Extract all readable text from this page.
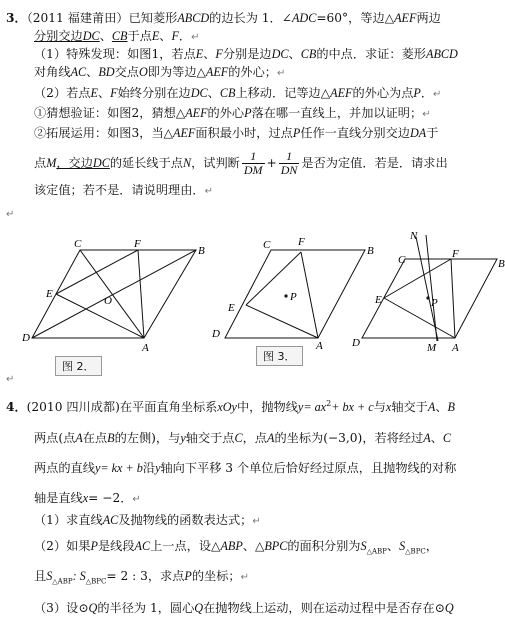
3．（2011 福建莆田）已知菱形ABCD的边长为 1．∠ADC=60°，等边△AEF两边
分别交边DC、CB于点E、F．↵
（1）特殊发现：如图1，若点E、F分别是边DC、CB的中点．求证：菱形ABCD
对角线AC、BD交点O即为等边△AEF的外心；↵
（2）若点E、F始终分别在边DC、CB上移动．记等边△AEF的外心为点P．↵
①猜想验证：如图2，猜想△AEF的外心P落在哪一直线上，并加以证明；↵
②拓展运用：如图3，当△AEF面积最小时，过点P任作一直线分别交边DA于
点M，交边DC的延长线于点N，试判断 $\frac{1}{DM} + \frac{1}{DN}$ 是否为定值．若是．请求出
该定值；若不是．请说明理由．↵
↵
C	F
B
E
O
D
A
C	F
B
E
P
D
A
N
C	F
B
E	P
D	M A
图 2．
图 3．
↵
4．(2010 四川成都)在平面直角坐标系xOy中，抛物线$y= ax^2+$ bx + c与x轴交于A、B
两点(点A在点B的左侧)，与y轴交于点C，点A的坐标为(−3,0)，若将经过A、C
两点的直线y= kx + b沿y轴向下平移 3 个单位后恰好经过原点，且抛物线的对称
轴是直线x= −2．↵
（1）求直线AC及抛物线的函数表达式；↵
（2）如果P是线段AC上一点，设△ABP、△BPC的面积分别为$S_{\triangle ABP}$、$S_{\triangle BPC}$，
且$S_{\triangle ABP}$: $S_{\triangle BPC}= 2$ : 3，求点P的坐标；↵
（3）设⊙Q的半径为 1，圆心Q在抛物线上运动，则在运动过程中是否存在⊙Q
